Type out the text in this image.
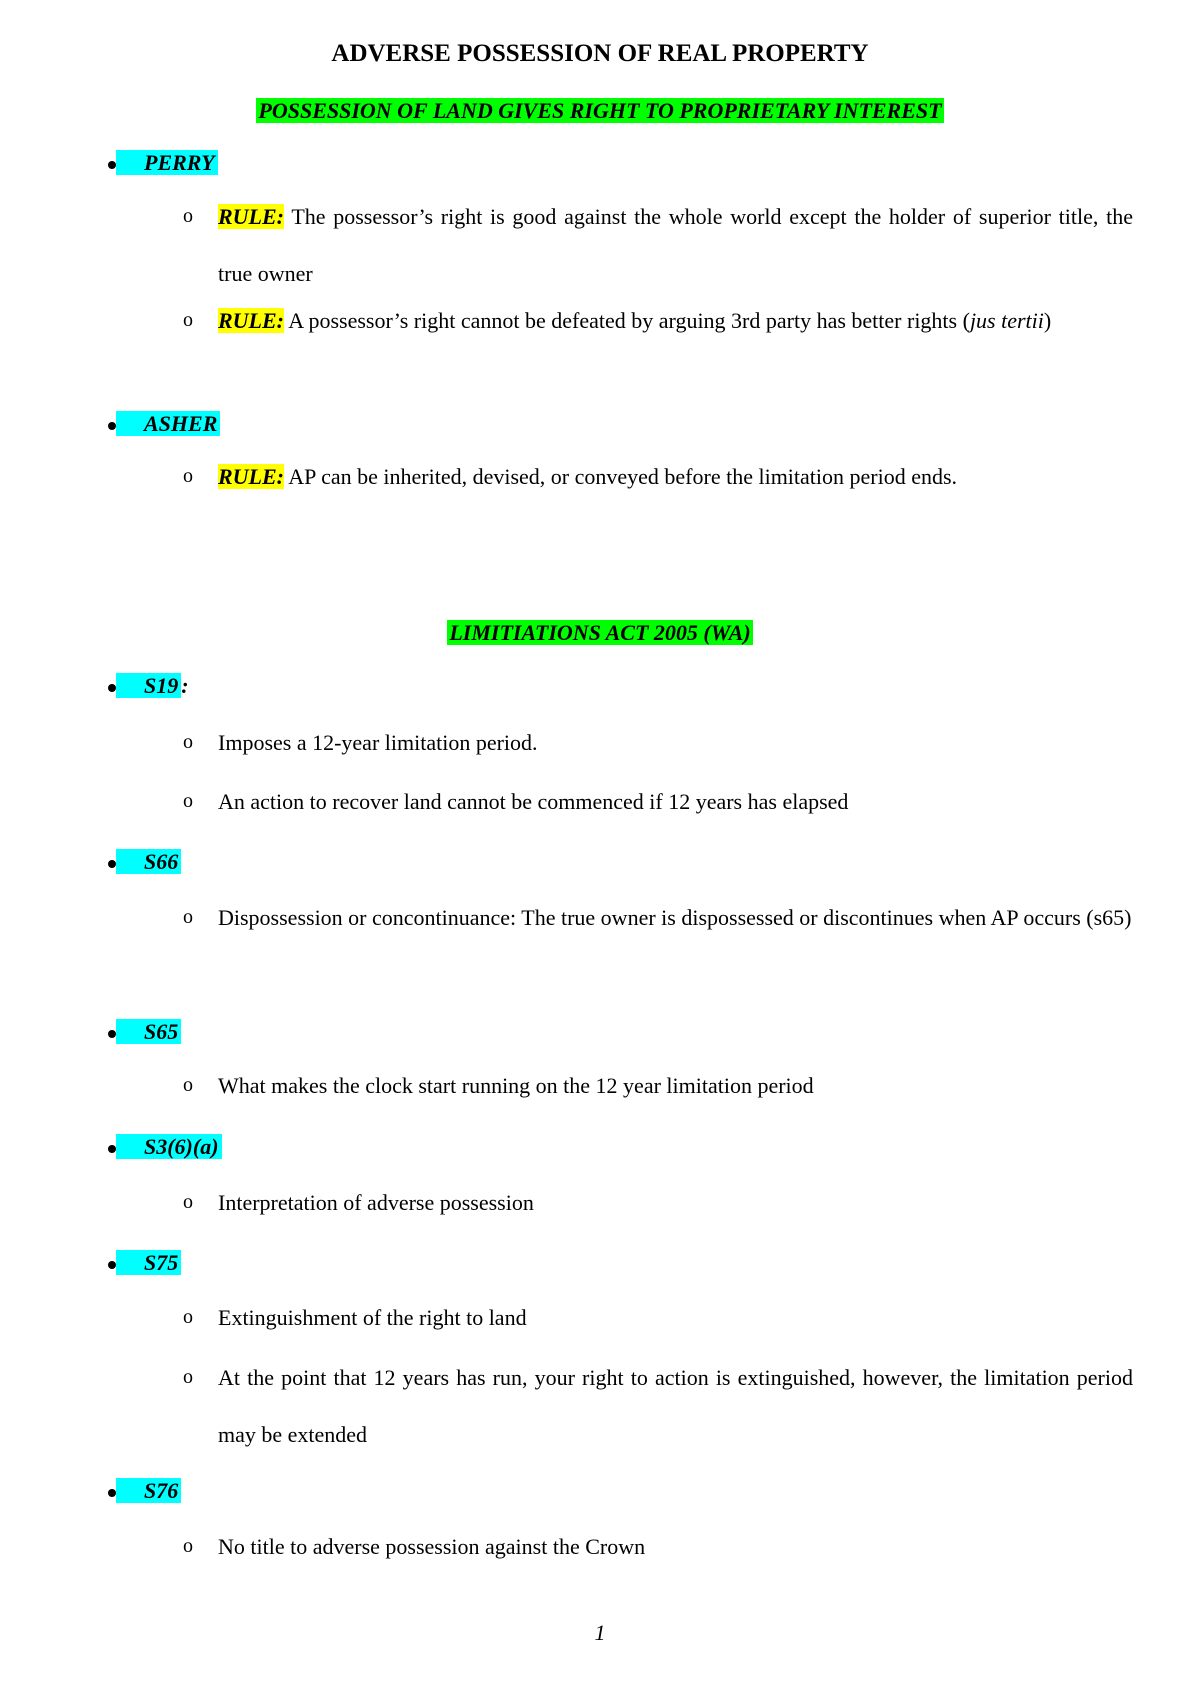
ADVERSE POSSESSION OF REAL PROPERTY
POSSESSION OF LAND GIVES RIGHT TO PROPRIETARY INTEREST
PERRY
o RULE: The possessor’s right is good against the whole world except the holder of superior title, the true owner
o RULE: A possessor’s right cannot be defeated by arguing 3rd party has better rights (jus tertii)
ASHER
o RULE: AP can be inherited, devised, or conveyed before the limitation period ends.
LIMITIATIONS ACT 2005 (WA)
S19 :
o Imposes a 12-year limitation period.
o An action to recover land cannot be commenced if 12 years has elapsed
S66
o Dispossession or concontinuance: The true owner is dispossessed or discontinues when AP occurs (s65)
S65
o What makes the clock start running on the 12 year limitation period
S3(6)(a)
o Interpretation of adverse possession
S75
o Extinguishment of the right to land
o At the point that 12 years has run, your right to action is extinguished, however, the limitation period may be extended
S76
o No title to adverse possession against the Crown
1
